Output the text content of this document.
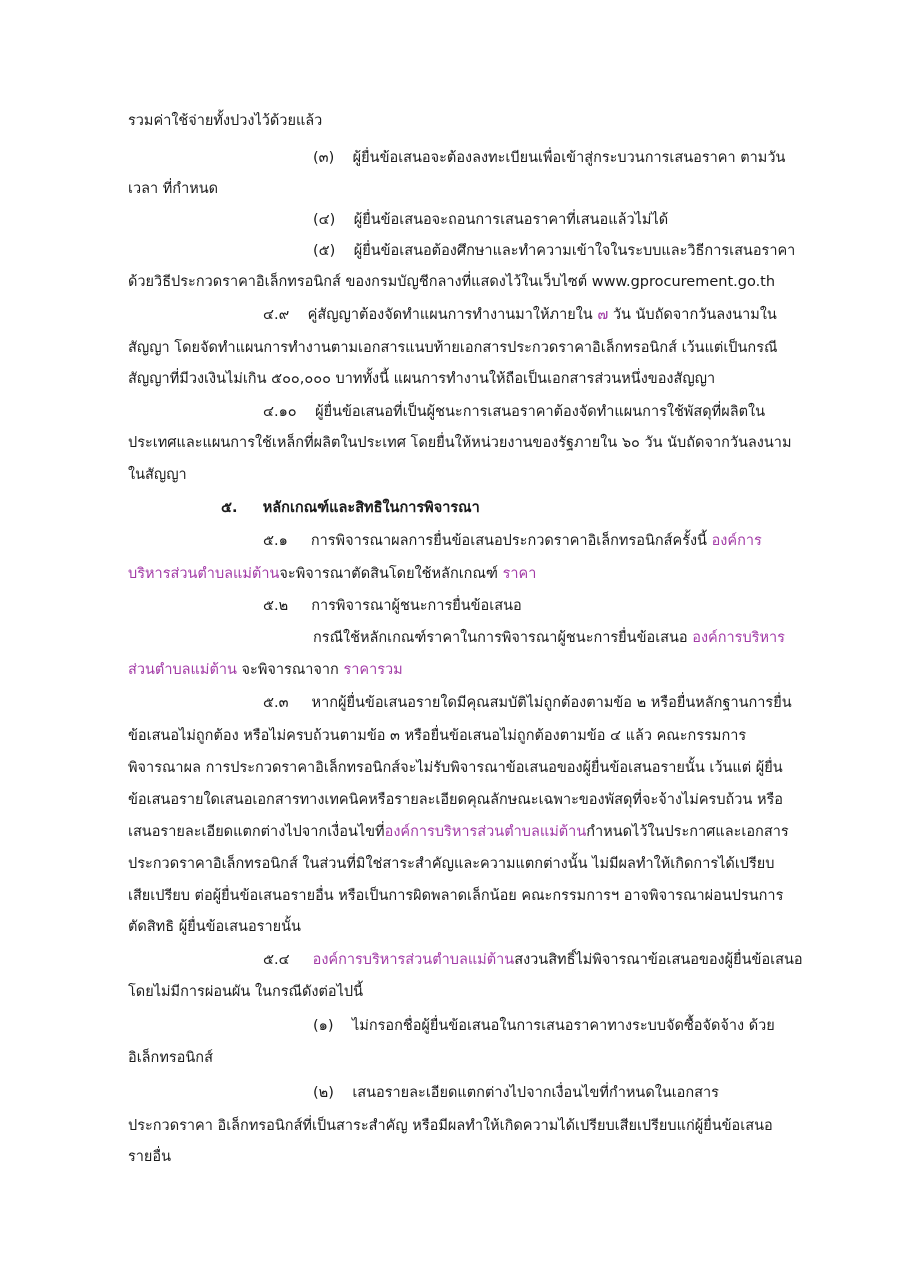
รวมค่าใช้จ่ายทั้งปวงไว้ด้วยแล้ว
(๓) ผู้ยื่นข้อเสนอจะต้องลงทะเบียนเพื่อเข้าสู่กระบวนการเสนอราคา ตามวัน
เวลา ที่กำหนด
(๔) ผู้ยื่นข้อเสนอจะถอนการเสนอราคาที่เสนอแล้วไม่ได้
(๕) ผู้ยื่นข้อเสนอต้องศึกษาและทำความเข้าใจในระบบและวิธีการเสนอราคา
ด้วยวิธีประกวดราคาอิเล็กทรอนิกส์ ของกรมบัญชีกลางที่แสดงไว้ในเว็บไซต์ www.gprocurement.go.th
๔.๙ คู่สัญญาต้องจัดทำแผนการทำงานมาให้ภายใน ๗ วัน นับถัดจากวันลงนามใน
สัญญา โดยจัดทำแผนการทำงานตามเอกสารแนบท้ายเอกสารประกวดราคาอิเล็กทรอนิกส์ เว้นแต่เป็นกรณี
สัญญาที่มีวงเงินไม่เกิน ๕๐๐,๐๐๐ บาททั้งนี้ แผนการทำงานให้ถือเป็นเอกสารส่วนหนึ่งของสัญญา
๔.๑๐ ผู้ยื่นข้อเสนอที่เป็นผู้ชนะการเสนอราคาต้องจัดทำแผนการใช้พัสดุที่ผลิตใน
ประเทศและแผนการใช้เหล็กที่ผลิตในประเทศ โดยยื่นให้หน่วยงานของรัฐภายใน ๖๐ วัน นับถัดจากวันลงนาม
ในสัญญา
๕. หลักเกณฑ์และสิทธิในการพิจารณา
๕.๑ การพิจารณาผลการยื่นข้อเสนอประกวดราคาอิเล็กทรอนิกส์ครั้งนี้ องค์การ
บริหารส่วนตำบลแม่ต้านจะพิจารณาตัดสินโดยใช้หลักเกณฑ์ ราคา
๕.๒ การพิจารณาผู้ชนะการยื่นข้อเสนอ
กรณีใช้หลักเกณฑ์ราคาในการพิจารณาผู้ชนะการยื่นข้อเสนอ องค์การบริหาร
ส่วนตำบลแม่ต้าน จะพิจารณาจาก ราคารวม
๕.๓ หากผู้ยื่นข้อเสนอรายใดมีคุณสมบัติไม่ถูกต้องตามข้อ ๒ หรือยื่นหลักฐานการยื่น
ข้อเสนอไม่ถูกต้อง หรือไม่ครบถ้วนตามข้อ ๓ หรือยื่นข้อเสนอไม่ถูกต้องตามข้อ ๔ แล้ว คณะกรรมการ
พิจารณาผล การประกวดราคาอิเล็กทรอนิกส์จะไม่รับพิจารณาข้อเสนอของผู้ยื่นข้อเสนอรายนั้น เว้นแต่ ผู้ยื่น
ข้อเสนอรายใดเสนอเอกสารทางเทคนิคหรือรายละเอียดคุณลักษณะเฉพาะของพัสดุที่จะจ้างไม่ครบถ้วน หรือ
เสนอรายละเอียดแตกต่างไปจากเงื่อนไขที่องค์การบริหารส่วนตำบลแม่ต้านกำหนดไว้ในประกาศและเอกสาร
ประกวดราคาอิเล็กทรอนิกส์ ในส่วนที่มิใช่สาระสำคัญและความแตกต่างนั้น ไม่มีผลทำให้เกิดการได้เปรียบ
เสียเปรียบ ต่อผู้ยื่นข้อเสนอรายอื่น หรือเป็นการผิดพลาดเล็กน้อย คณะกรรมการฯ อาจพิจารณาผ่อนปรนการ
ตัดสิทธิ ผู้ยื่นข้อเสนอรายนั้น
๕.๔ องค์การบริหารส่วนตำบลแม่ต้านสงวนสิทธิ์ไม่พิจารณาข้อเสนอของผู้ยื่นข้อเสนอ
โดยไม่มีการผ่อนผัน ในกรณีดังต่อไปนี้
(๑) ไม่กรอกชื่อผู้ยื่นข้อเสนอในการเสนอราคาทางระบบจัดซื้อจัดจ้าง ด้วย
อิเล็กทรอนิกส์
(๒) เสนอรายละเอียดแตกต่างไปจากเงื่อนไขที่กำหนดในเอกสาร
ประกวดราคา อิเล็กทรอนิกส์ที่เป็นสาระสำคัญ หรือมีผลทำให้เกิดความได้เปรียบเสียเปรียบแก่ผู้ยื่นข้อเสนอ
รายอื่น
